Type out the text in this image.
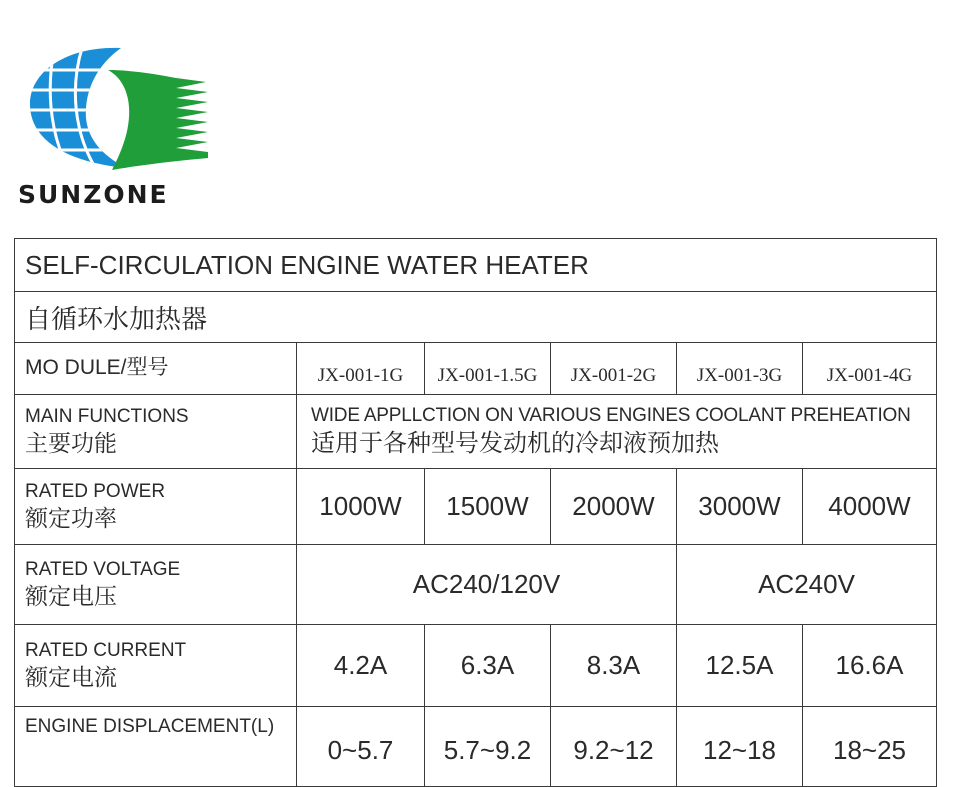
SUNZONE
SELF-CIRCULATION ENGINE WATER HEATER					
自循环水加热器					
MO DULE/型号	JX-001-1G	JX-001-1.5G	JX-001-2G	JX-001-3G	JX-001-4G

MAIN FUNCTIONS
主要功能	WIDE APPLLCTION ON VARIOUS ENGINES COOLANT PREHEATION
适用于各种型号发动机的冷却液预加热				

RATED POWER
额定功率	1000W	1500W	2000W	3000W	4000W

RATED VOLTAGE
额定电压	AC240/120V			AC240V	

RATED CURRENT
额定电流	4.2A	6.3A	8.3A	12.5A	16.6A

ENGINE DISPLACEMENT(L)	0~5.7	5.7~9.2	9.2~12	12~18	18~25
